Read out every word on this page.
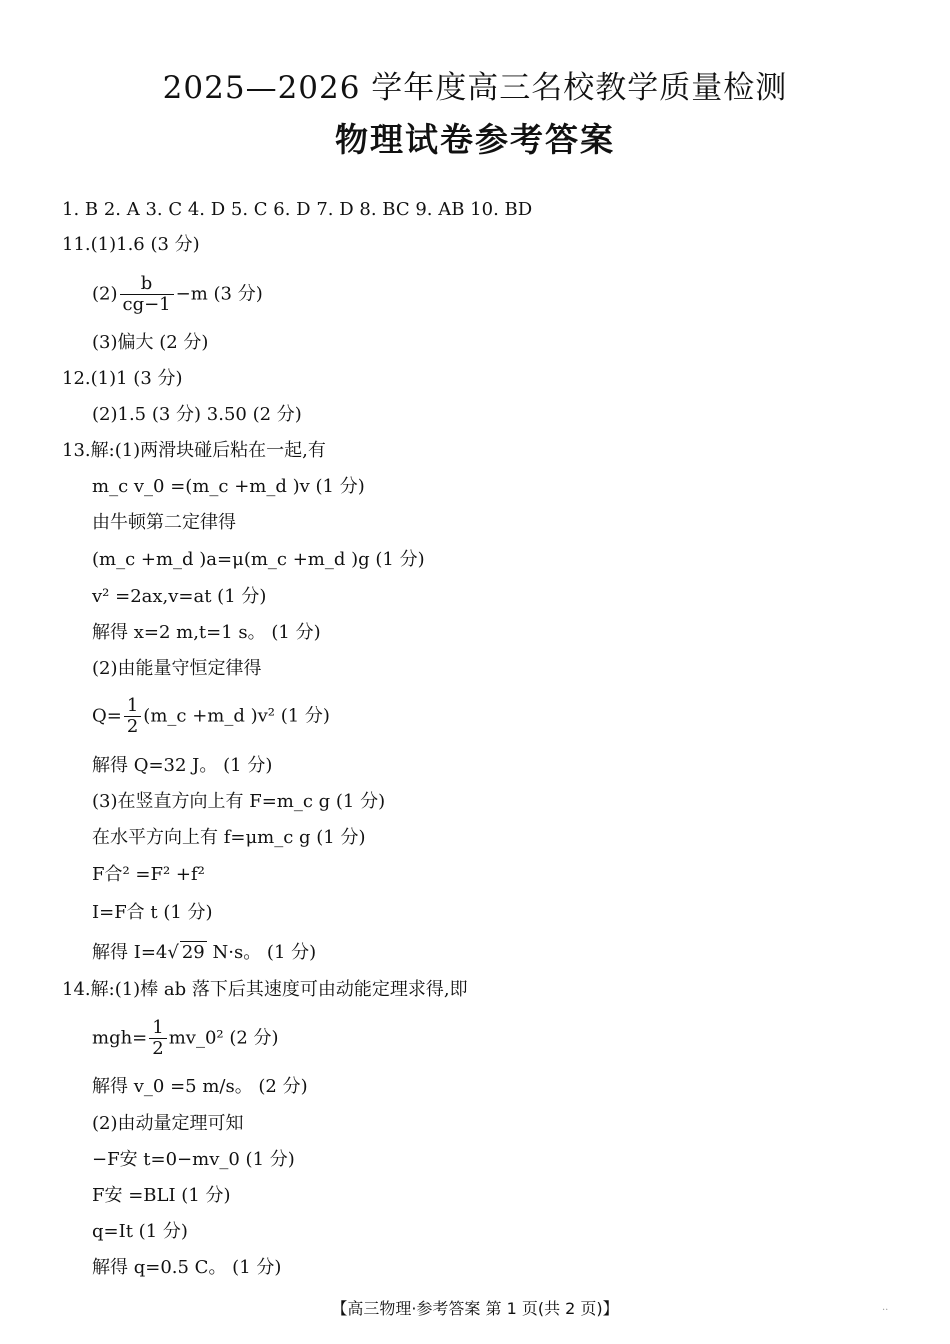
2025—2026 学年度高三名校教学质量检测
物理试卷参考答案
1. B 2. A 3. C 4. D 5. C 6. D 7. D 8. BC 9. AB 10. BD
11.(1)1.6 (3 分)
$(2) \frac{b}{cg-1} -m$ (3 分)
(3)偏大 (2 分)
12.(1)1 (3 分)
(2)1.5 (3 分) 3.50 (2 分)
13.解:(1)两滑块碰后粘在一起,有
m_c v_0 =(m_c +m_d )v (1 分)
由牛顿第二定律得
(m_c +m_d )a=μ(m_c +m_d )g (1 分)
v² =2ax,v=at (1 分)
解得 x=2 m,t=1 s。 (1 分)
(2)由能量守恒定律得
$Q= \frac{1}{2}$ (m_c +m_d )v² (1 分)
解得 Q=32 J。 (1 分)
(3)在竖直方向上有 F=m_c g (1 分)
在水平方向上有 f=μm_c g (1 分)
F合² =F² +f²
I=F合 t (1 分)
解得 I=4√ 29 N·s。 (1 分)
14.解:(1)棒 ab 落下后其速度可由动能定理求得,即
$mgh= \frac{1}{2}$ mv_0² (2 分)
解得 v_0 =5 m/s。 (2 分)
(2)由动量定理可知
−F安 t=0−mv_0 (1 分)
F安 =BLI (1 分)
q=It (1 分)
解得 q=0.5 C。 (1 分)
【高三物理·参考答案 第 1 页(共 2 页)】	..
